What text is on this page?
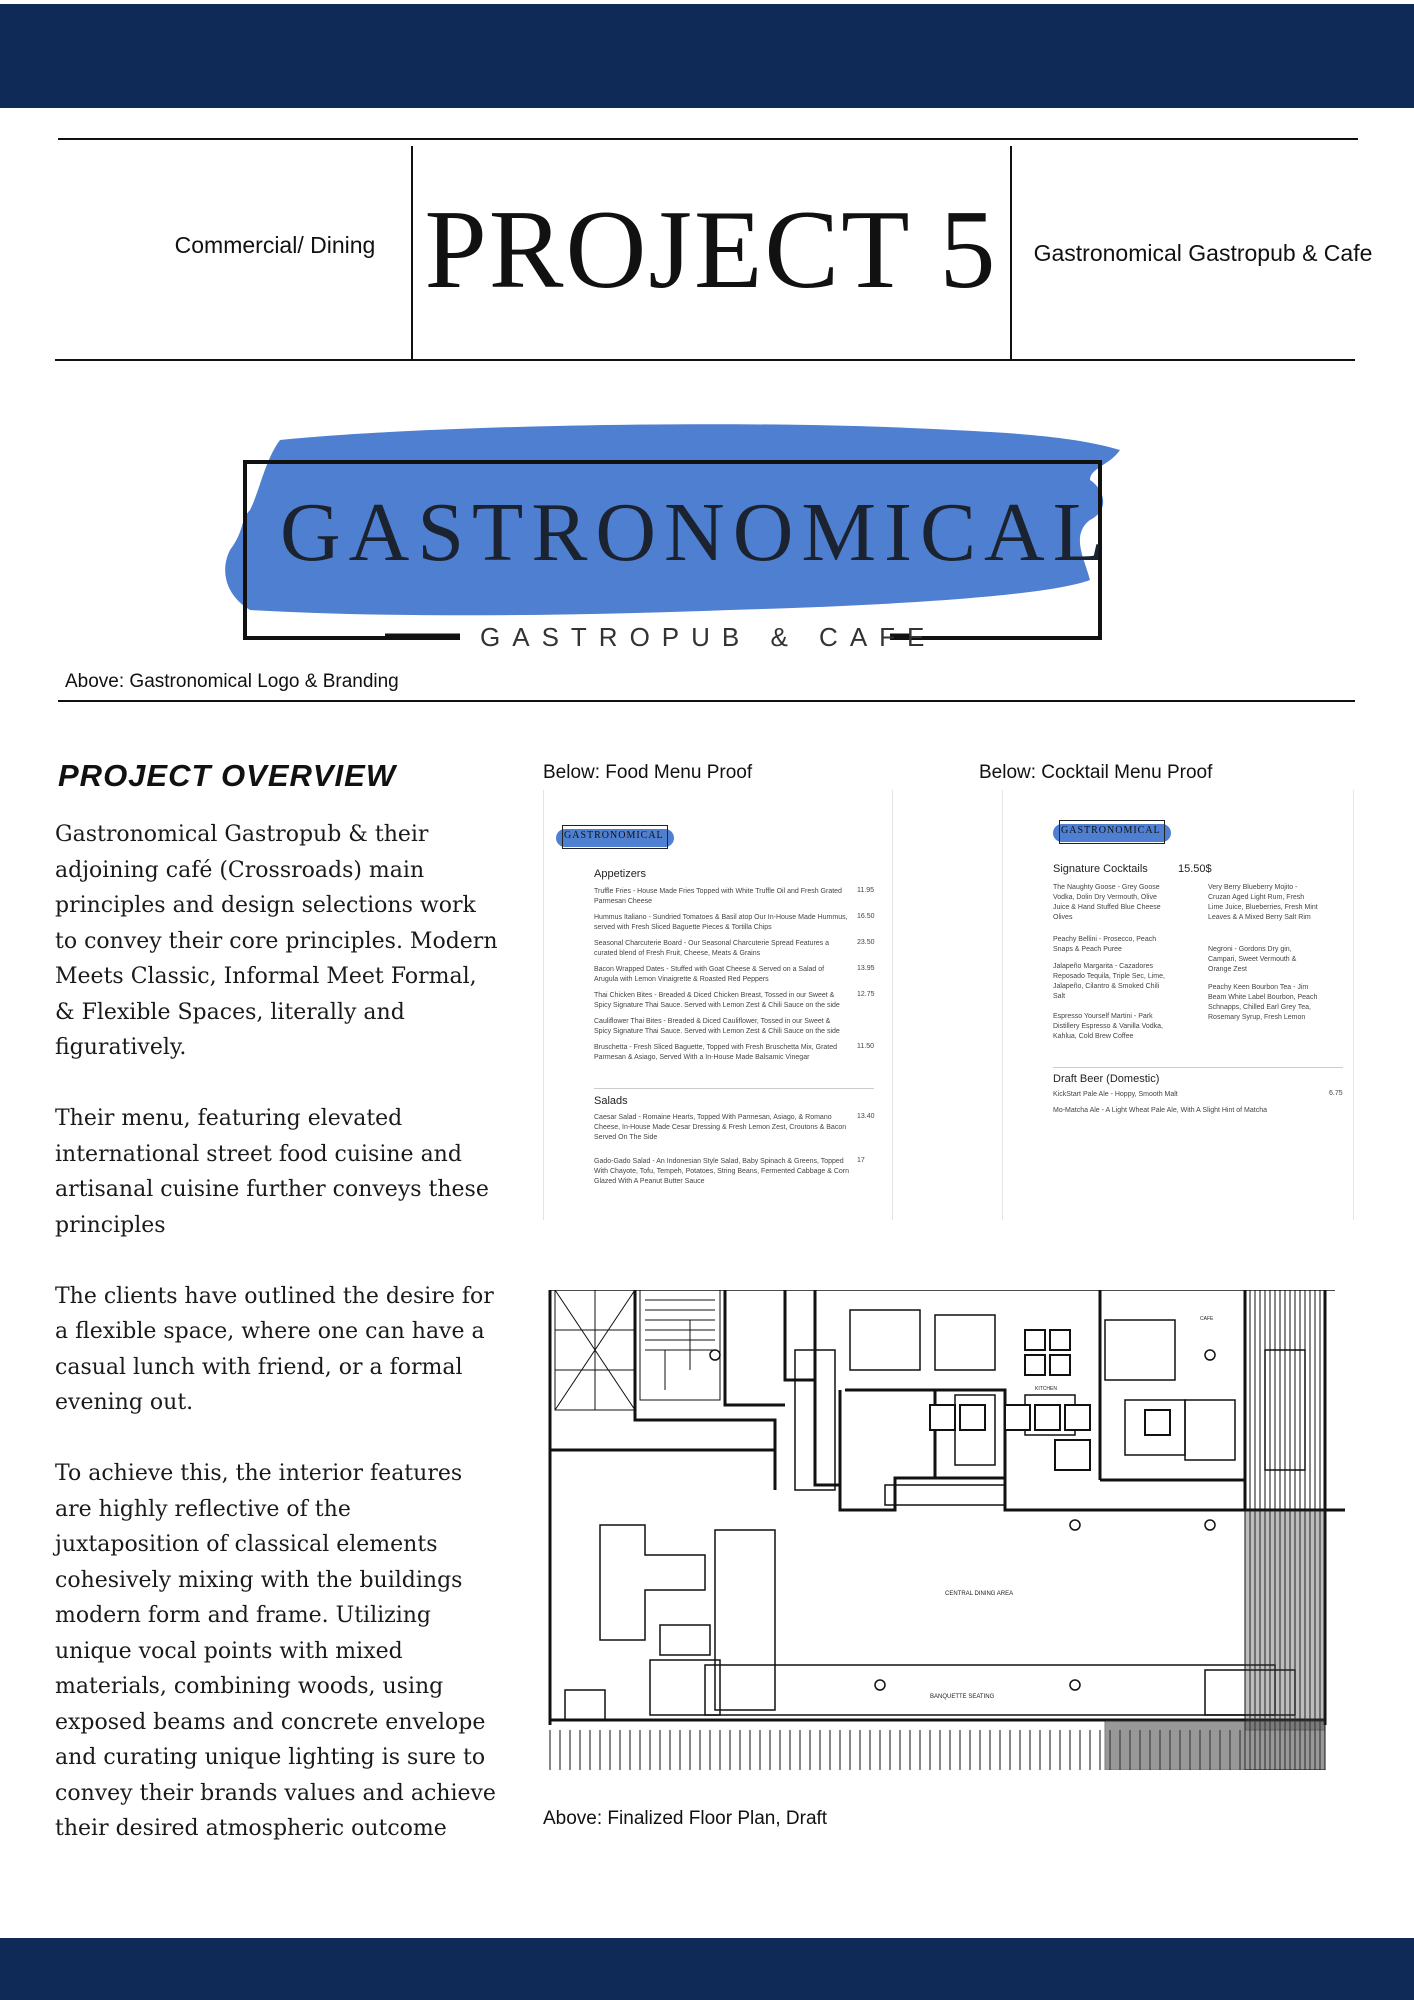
Commercial/ Dining PROJECT 5	Gastronomical Gastropub & Cafe
GASTRONOMICAL
GASTROPUB & CAFE
Above: Gastronomical Logo & Branding
PROJECT OVERVIEW

Gastronomical Gastropub & their adjoining café (Crossroads) main principles and design selections work to convey their core principles. Modern Meets Classic, Informal Meet Formal, & Flexible Spaces, literally and figuratively.

Their menu, featuring elevated international street food cuisine and artisanal cuisine further conveys these principles

The clients have outlined the desire for a flexible space, where one can have a casual lunch with friend, or a formal evening out.

To achieve this, the interior features are highly reflective of the juxtaposition of classical elements cohesively mixing with the buildings modern form and frame. Utilizing unique vocal points with mixed materials, combining woods, using exposed beams and concrete envelope and curating unique lighting is sure to convey their brands values and achieve their desired atmospheric outcome

Below: Food Menu Proof	Below: Cocktail Menu Proof
GASTRONOMICAL
Appetizers
Truffle Fries - House Made Fries Topped with White Truffle Oil and Fresh Grated Parmesan Cheese
11.95
Hummus Italiano - Sundried Tomatoes & Basil atop Our In-House Made Hummus, served with Fresh Sliced Baguette Pieces & Tortilla Chips
16.50
Seasonal Charcuterie Board - Our Seasonal Charcuterie Spread Features a curated blend of Fresh Fruit, Cheese, Meats & Grains
23.50
Bacon Wrapped Dates - Stuffed with Goat Cheese & Served on a Salad of Arugula with Lemon Vinaigrette & Roasted Red Peppers
13.95
Thai Chicken Bites - Breaded & Diced Chicken Breast, Tossed in our Sweet & Spicy Signature Thai Sauce. Served with Lemon Zest & Chili Sauce on the side
12.75
Cauliflower Thai Bites - Breaded & Diced Cauliflower, Tossed in our Sweet & Spicy Signature Thai Sauce. Served with Lemon Zest & Chili Sauce on the side
Bruschetta - Fresh Sliced Baguette, Topped with Fresh Bruschetta Mix, Grated Parmesan & Asiago, Served With a In-House Made Balsamic Vinegar
11.50
Salads
Caesar Salad - Romaine Hearts, Topped With Parmesan, Asiago, & Romano Cheese, In-House Made Cesar Dressing & Fresh Lemon Zest, Croutons & Bacon Served On The Side
13.40
Gado-Gado Salad - An Indonesian Style Salad, Baby Spinach & Greens, Topped With Chayote, Tofu, Tempeh, Potatoes, String Beans, Fermented Cabbage & Corn Glazed With A Peanut Butter Sauce
17
GASTRONOMICAL
Signature Cocktails	15.50$
The Naughty Goose - Grey Goose Vodka, Dolin Dry Vermouth, Olive Juice & Hand Stuffed Blue Cheese Olives
Peachy Bellini - Prosecco, Peach Snaps & Peach Puree
Jalapeño Margarita - Cazadores Reposado Tequila, Triple Sec, Lime, Jalapeño, Cilantro & Smoked Chili Salt
Espresso Yourself Martini - Park Distillery Espresso & Vanilla Vodka, Kahlua, Cold Brew Coffee
Very Berry Blueberry Mojito - Cruzan Aged Light Rum, Fresh Lime Juice, Blueberries, Fresh Mint Leaves & A Mixed Berry Salt Rim
Negroni - Gordons Dry gin, Campari, Sweet Vermouth & Orange Zest
Peachy Keen Bourbon Tea - Jim Beam White Label Bourbon, Peach Schnapps, Chilled Earl Grey Tea, Rosemary Syrup, Fresh Lemon
Draft Beer (Domestic)
KickStart Pale Ale - Hoppy, Smooth Malt	6.75
Mo-Matcha Ale - A Light Wheat Pale Ale, With A Slight Hint of Matcha
CENTRAL DINING AREA
BANQUETTE SEATING
KITCHEN
CAFE
Above: Finalized Floor Plan, Draft
